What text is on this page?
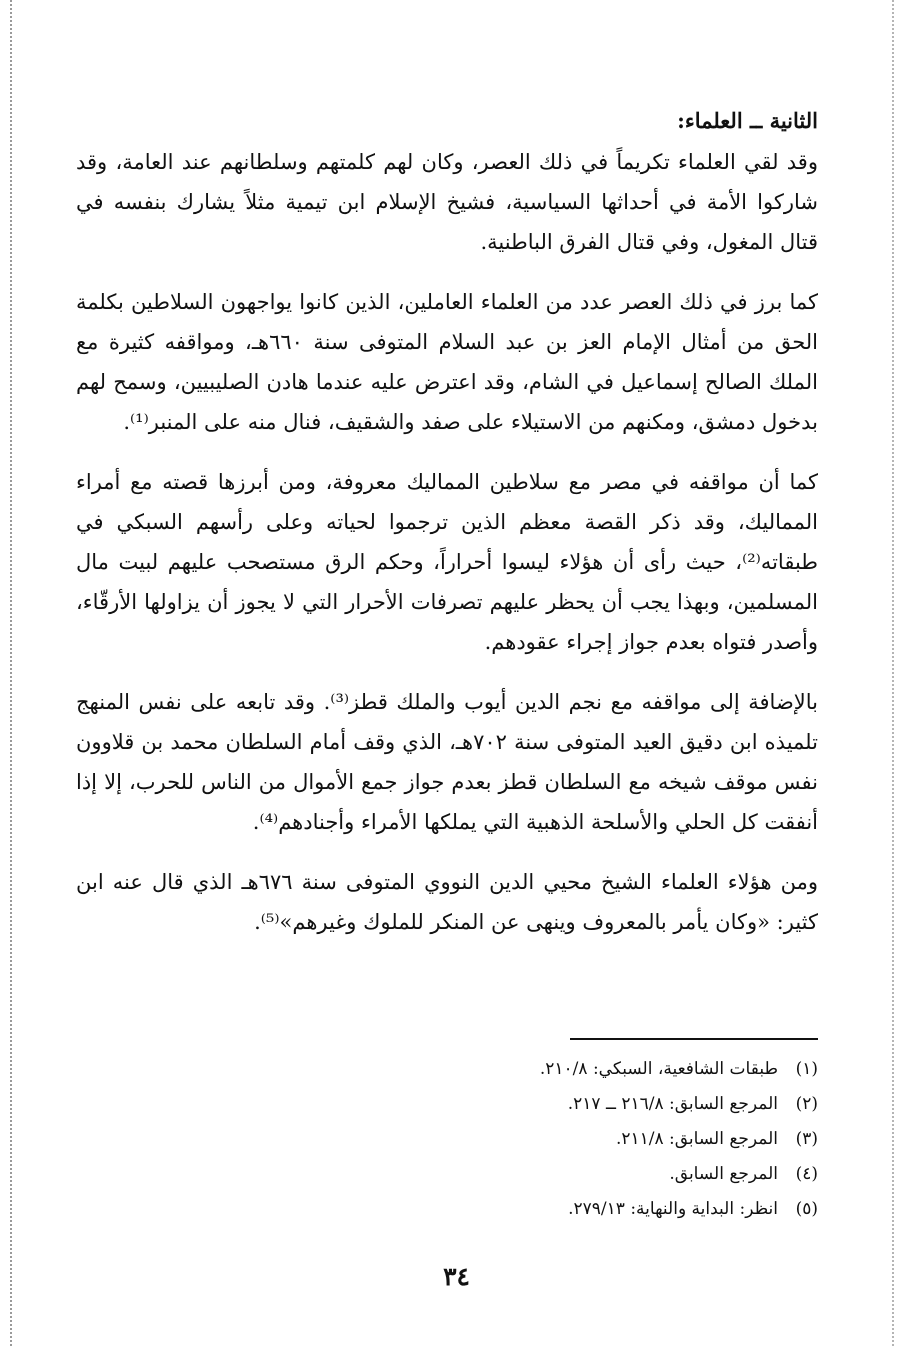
الثانية ــ العلماء:

وقد لقي العلماء تكريماً في ذلك العصر، وكان لهم كلمتهم وسلطانهم عند العامة، وقد شاركوا الأمة في أحداثها السياسية، فشيخ الإسلام ابن تيمية مثلاً يشارك بنفسه في قتال المغول، وفي قتال الفرق الباطنية.

كما برز في ذلك العصر عدد من العلماء العاملين، الذين كانوا يواجهون السلاطين بكلمة الحق من أمثال الإمام العز بن عبد السلام المتوفى سنة ٦٦٠هـ، ومواقفه كثيرة مع الملك الصالح إسماعيل في الشام، وقد اعترض عليه عندما هادن الصليبيين، وسمح لهم بدخول دمشق، ومكنهم من الاستيلاء على صفد والشقيف، فنال منه على المنبر⁽¹⁾.

كما أن مواقفه في مصر مع سلاطين المماليك معروفة، ومن أبرزها قصته مع أمراء المماليك، وقد ذكر القصة معظم الذين ترجموا لحياته وعلى رأسهم السبكي في طبقاته⁽²⁾، حيث رأى أن هؤلاء ليسوا أحراراً، وحكم الرق مستصحب عليهم لبيت مال المسلمين، وبهذا يجب أن يحظر عليهم تصرفات الأحرار التي لا يجوز أن يزاولها الأرقّاء، وأصدر فتواه بعدم جواز إجراء عقودهم.

بالإضافة إلى مواقفه مع نجم الدين أيوب والملك قطز⁽³⁾. وقد تابعه على نفس المنهج تلميذه ابن دقيق العيد المتوفى سنة ٧٠٢هـ، الذي وقف أمام السلطان محمد بن قلاوون نفس موقف شيخه مع السلطان قطز بعدم جواز جمع الأموال من الناس للحرب، إلا إذا أنفقت كل الحلي والأسلحة الذهبية التي يملكها الأمراء وأجنادهم⁽⁴⁾.

ومن هؤلاء العلماء الشيخ محيي الدين النووي المتوفى سنة ٦٧٦هـ الذي قال عنه ابن كثير: «وكان يأمر بالمعروف وينهى عن المنكر للملوك وغيرهم»⁽⁵⁾.

(١)
طبقات الشافعية، السبكي: ٢١٠/٨.
(٢)
المرجع السابق: ٢١٦/٨ ــ ٢١٧.
(٣)
المرجع السابق: ٢١١/٨.
(٤)
المرجع السابق.
(٥)
انظر: البداية والنهاية: ٢٧٩/١٣.
٣٤
